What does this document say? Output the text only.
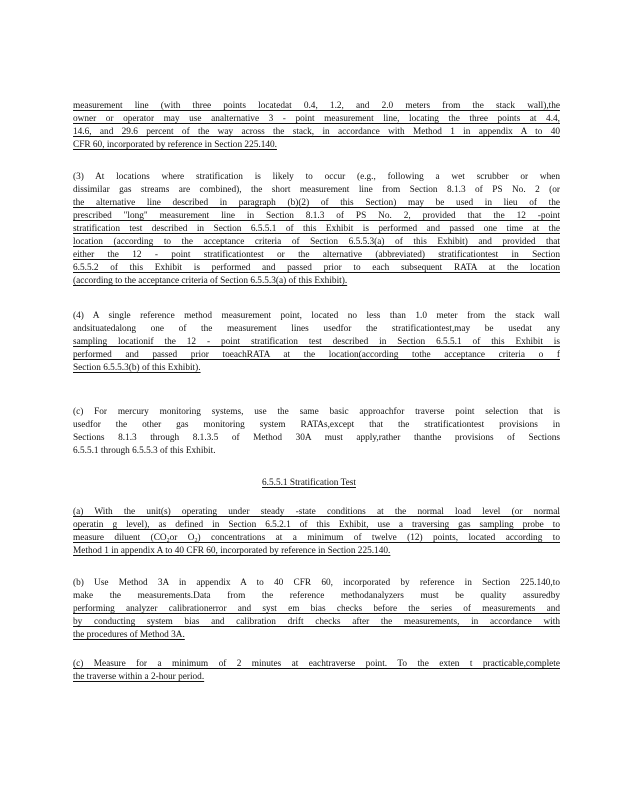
measurement line (with three points locatedat 0.4, 1.2, and 2.0 meters from the stack wall),the
owner or operator may use analternative 3 - point measurement line, locating the three points at 4.4,
14.6, and 29.6 percent of the way across the stack, in accordance with Method 1 in appendix A to 40
CFR 60, incorporated by reference in Section 225.140.
(3) At locations where stratification is likely to occur (e.g., following a wet scrubber or when
dissimilar gas streams are combined), the short measurement line from Section 8.1.3 of PS No. 2 (or
the alternative line described in paragraph (b)(2) of this Section) may be used in lieu of the
prescribed "long" measurement line in Section 8.1.3 of PS No. 2, provided that the 12 -point
stratification test described in Section 6.5.5.1 of this Exhibit is performed and passed one time at the
location (according to the acceptance criteria of Section 6.5.5.3(a) of this Exhibit) and provided that
either the 12 - point stratificationtest or the alternative (abbreviated) stratificationtest in Section
6.5.5.2 of this Exhibit is performed and passed prior to each subsequent RATA at the location
(according to the acceptance criteria of Section 6.5.5.3(a) of this Exhibit).
(4) A single reference method measurement point, located no less than 1.0 meter from the stack wall
andsituatedalong one of the measurement lines usedfor the stratificationtest,may be usedat any
sampling locationif the 12 - point stratification test described in Section 6.5.5.1 of this Exhibit is
performed and passed prior toeachRATA at the location(according tothe acceptance criteria o f
Section 6.5.5.3(b) of this Exhibit).
(c) For mercury monitoring systems, use the same basic approachfor traverse point selection that is
usedfor the other gas monitoring system RATAs,except that the stratificationtest provisions in
Sections 8.1.3 through 8.1.3.5 of Method 30A must apply,rather thanthe provisions of Sections
6.5.5.1 through 6.5.5.3 of this Exhibit.
6.5.5.1 Stratification Test
(a) With the unit(s) operating under steady -state conditions at the normal load level (or normal
operatin g level), as defined in Section 6.5.2.1 of this Exhibit, use a traversing gas sampling probe to
measure diluent ($CO_2or$ $O_2$) concentrations at a minimum of twelve (12) points, located according to
Method 1 in appendix A to 40 CFR 60, incorporated by reference in Section 225.140.
(b) Use Method 3A in appendix A to 40 CFR 60, incorporated by reference in Section 225.140,to
make the measurements.Data from the reference methodanalyzers must be quality assuredby
performing analyzer calibrationerror and syst em bias checks before the series of measurements and
by conducting system bias and calibration drift checks after the measurements, in accordance with
the procedures of Method 3A.
(c) Measure for a minimum of 2 minutes at eachtraverse point. To the exten t practicable,complete
the traverse within a 2-hour period.
